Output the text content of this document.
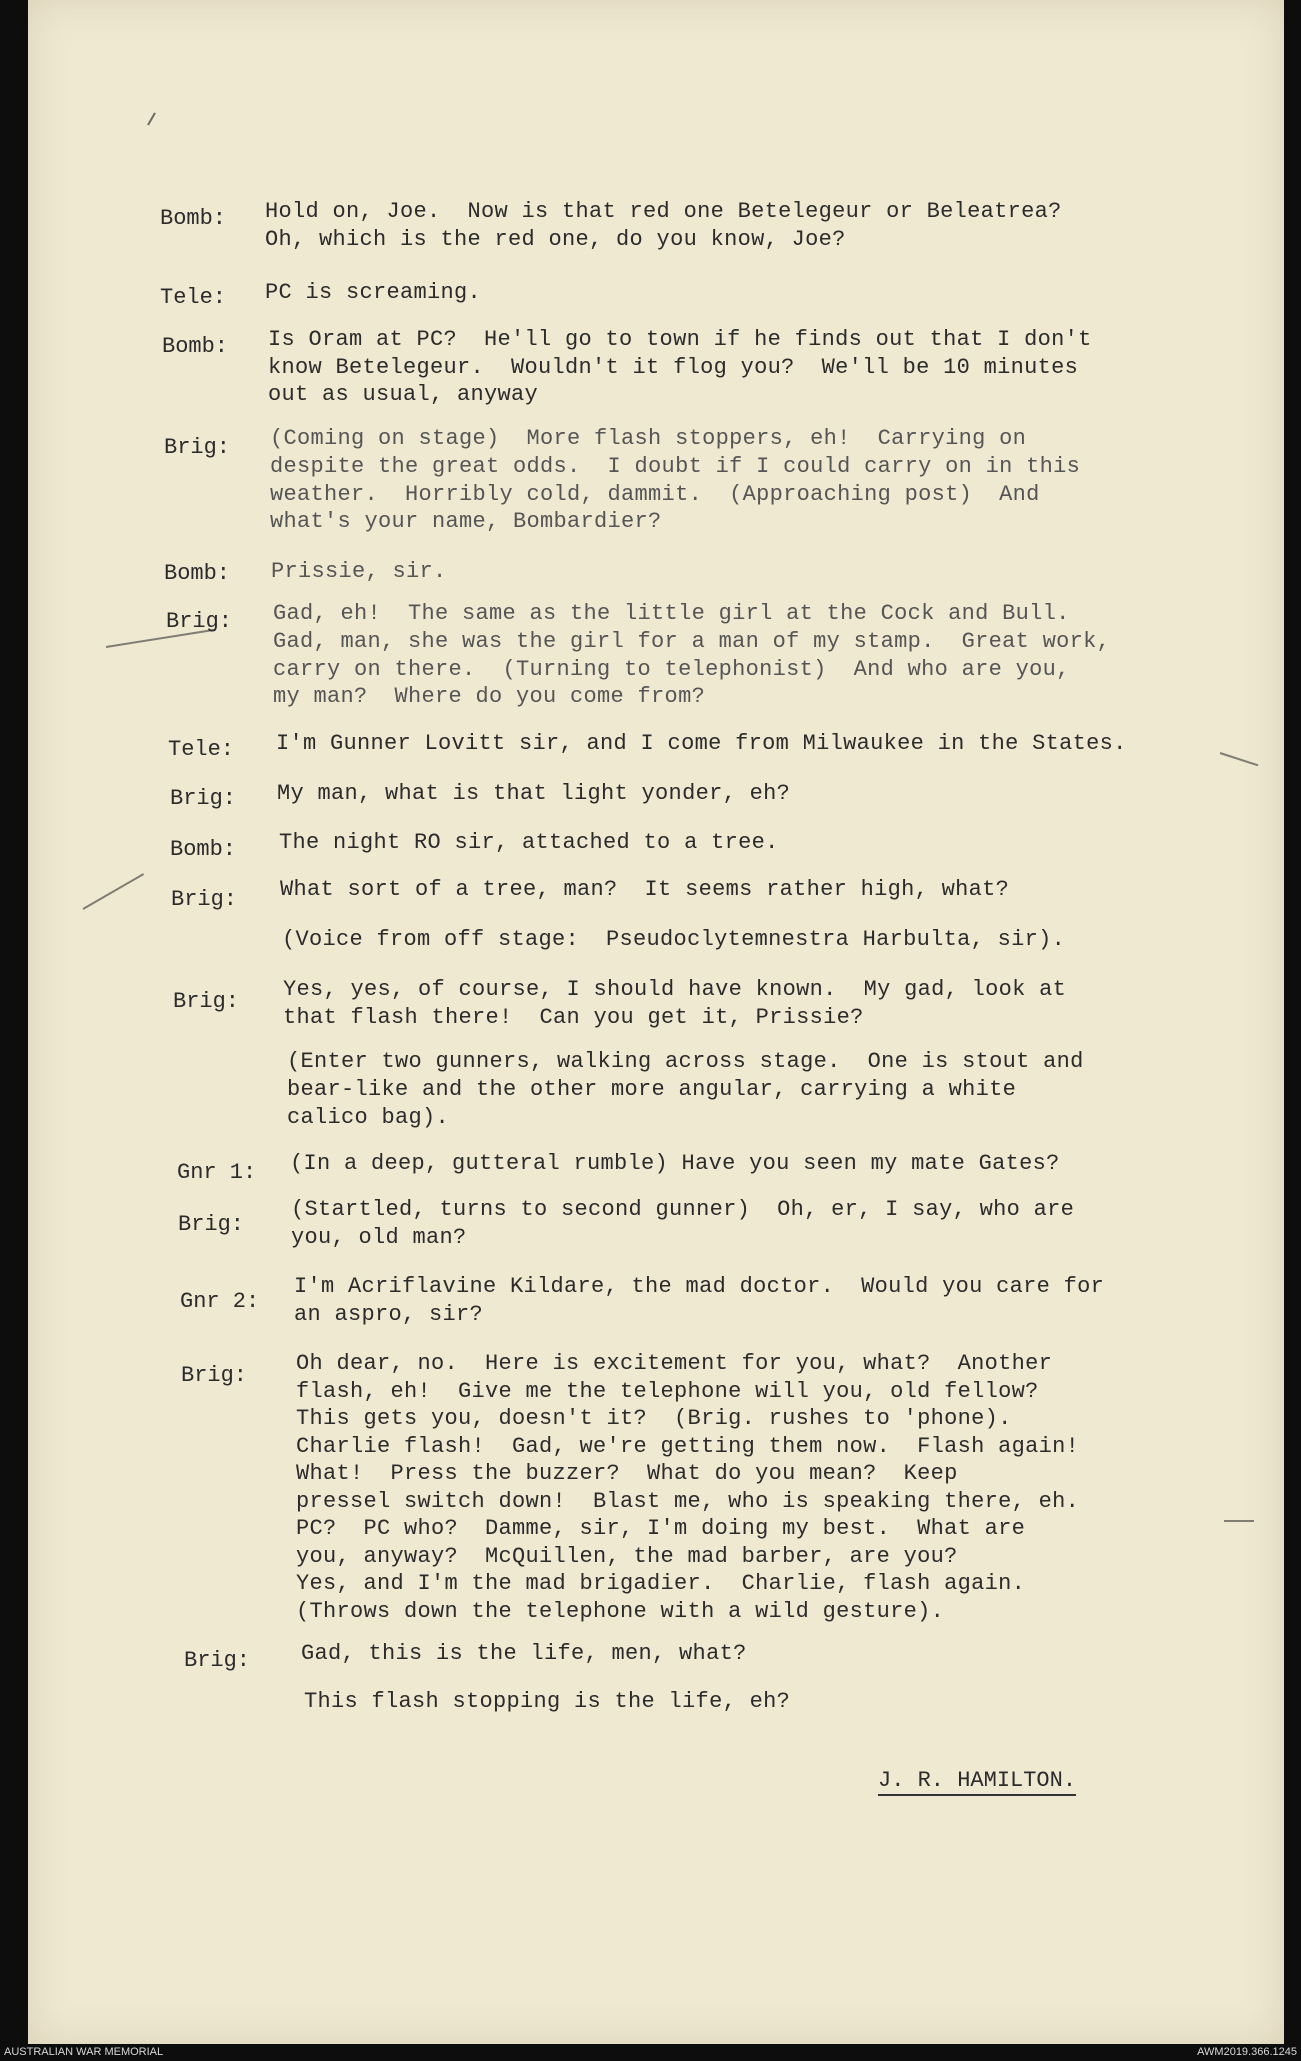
Bomb: Hold on, Joe.  Now is that red one Betelegeur or Beleatrea?
Oh, which is the red one, do you know, Joe?
Tele: PC is screaming.
Bomb: Is Oram at PC?  He'll go to town if he finds out that I don't
know Betelegeur.  Wouldn't it flog you?  We'll be 10 minutes
out as usual, anyway
Brig: (Coming on stage)  More flash stoppers, eh!  Carrying on
despite the great odds.  I doubt if I could carry on in this
weather.  Horribly cold, dammit.  (Approaching post)  And
what's your name, Bombardier?
Bomb: Prissie, sir.
Brig: Gad, eh!  The same as the little girl at the Cock and Bull.
Gad, man, she was the girl for a man of my stamp.  Great work,
carry on there.  (Turning to telephonist)  And who are you,
my man?  Where do you come from?
Tele: I'm Gunner Lovitt sir, and I come from Milwaukee in the States.
Brig: My man, what is that light yonder, eh?
Bomb: The night RO sir, attached to a tree.
Brig: What sort of a tree, man?  It seems rather high, what?
(Voice from off stage:  Pseudoclytemnestra Harbulta, sir).
Brig: Yes, yes, of course, I should have known.  My gad, look at
that flash there!  Can you get it, Prissie?
(Enter two gunners, walking across stage.  One is stout and
bear-like and the other more angular, carrying a white
calico bag).
Gnr 1: (In a deep, gutteral rumble) Have you seen my mate Gates?
Brig:
(Startled, turns to second gunner)  Oh, er, I say, who are
you, old man?
Gnr 2:
I'm Acriflavine Kildare, the mad doctor.  Would you care for
an aspro, sir?
Brig: Oh dear, no.  Here is excitement for you, what?  Another
flash, eh!  Give me the telephone will you, old fellow?
This gets you, doesn't it?  (Brig. rushes to 'phone).
Charlie flash!  Gad, we're getting them now.  Flash again!
What!  Press the buzzer?  What do you mean?  Keep
pressel switch down!  Blast me, who is speaking there, eh.
PC?  PC who?  Damme, sir, I'm doing my best.  What are
you, anyway?  McQuillen, the mad barber, are you?
Yes, and I'm the mad brigadier.  Charlie, flash again.
(Throws down the telephone with a wild gesture).
Brig: Gad, this is the life, men, what?
This flash stopping is the life, eh?
J. R. HAMILTON.
AUSTRALIAN WAR MEMORIAL	AWM2019.366.1245
